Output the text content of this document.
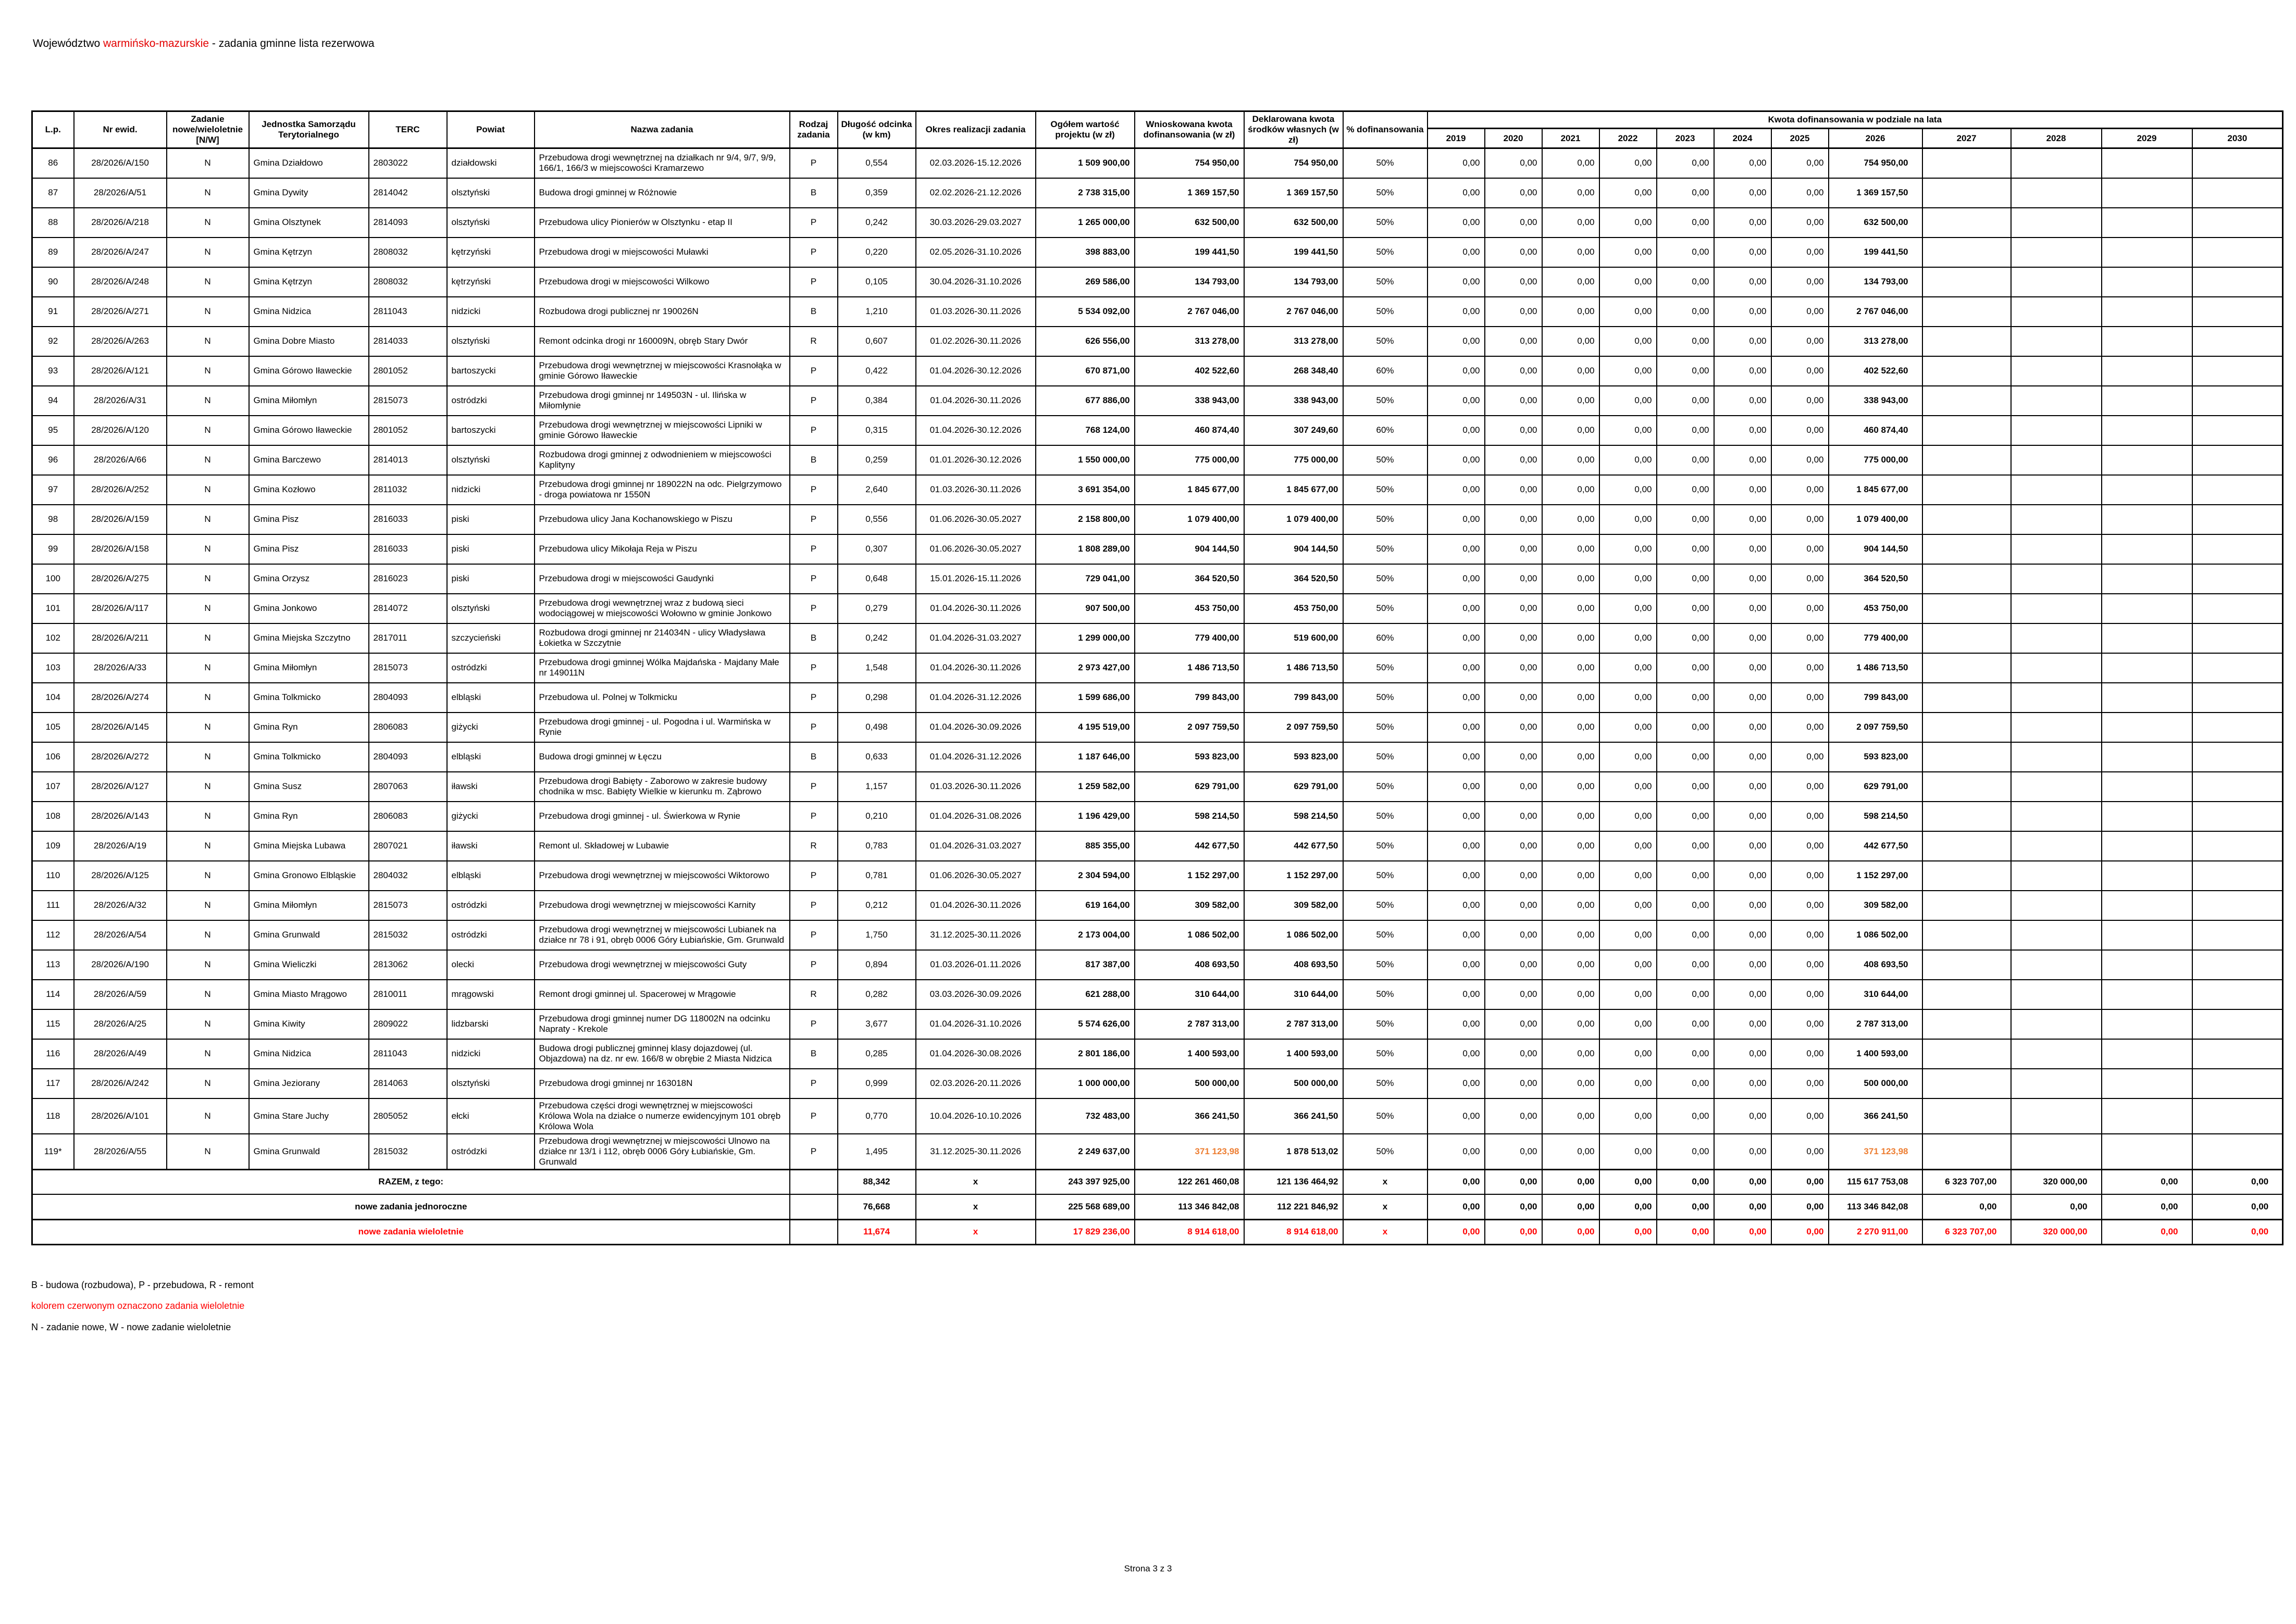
Województwo warmińsko-mazurskie - zadania gminne lista rezerwowa
L.p.	Nr ewid.	Zadanie nowe/wieloletnie [N/W]	Jednostka Samorządu Terytorialnego	TERC	Powiat	Nazwa zadania	Rodzaj zadania	Długość odcinka (w km)	Okres realizacji zadania	Ogółem wartość projektu (w zł)	Wnioskowana kwota dofinansowania (w zł)	Deklarowana kwota środków własnych (w zł)	% dofinansowania	Kwota dofinansowania w podziale na lata											
														2019	2020	2021	2022	2023	2024	2025	2026	2027	2028	2029	2030
86	28/2026/A/150	N	Gmina Działdowo	2803022	działdowski	Przebudowa drogi wewnętrznej na działkach nr 9/4, 9/7, 9/9, 166/1, 166/3 w miejscowości Kramarzewo	P	0,554	02.03.2026-15.12.2026	1 509 900,00	754 950,00	754 950,00	50%	0,00	0,00	0,00	0,00	0,00	0,00	0,00	754 950,00				
87	28/2026/A/51	N	Gmina Dywity	2814042	olsztyński	Budowa drogi gminnej w Różnowie	B	0,359	02.02.2026-21.12.2026	2 738 315,00	1 369 157,50	1 369 157,50	50%	0,00	0,00	0,00	0,00	0,00	0,00	0,00	1 369 157,50				
88	28/2026/A/218	N	Gmina Olsztynek	2814093	olsztyński	Przebudowa ulicy Pionierów w Olsztynku - etap II	P	0,242	30.03.2026-29.03.2027	1 265 000,00	632 500,00	632 500,00	50%	0,00	0,00	0,00	0,00	0,00	0,00	0,00	632 500,00				
89	28/2026/A/247	N	Gmina Kętrzyn	2808032	kętrzyński	Przebudowa drogi w miejscowości Muławki	P	0,220	02.05.2026-31.10.2026	398 883,00	199 441,50	199 441,50	50%	0,00	0,00	0,00	0,00	0,00	0,00	0,00	199 441,50				
90	28/2026/A/248	N	Gmina Kętrzyn	2808032	kętrzyński	Przebudowa drogi w miejscowości Wilkowo	P	0,105	30.04.2026-31.10.2026	269 586,00	134 793,00	134 793,00	50%	0,00	0,00	0,00	0,00	0,00	0,00	0,00	134 793,00				
91	28/2026/A/271	N	Gmina Nidzica	2811043	nidzicki	Rozbudowa drogi publicznej nr 190026N	B	1,210	01.03.2026-30.11.2026	5 534 092,00	2 767 046,00	2 767 046,00	50%	0,00	0,00	0,00	0,00	0,00	0,00	0,00	2 767 046,00				
92	28/2026/A/263	N	Gmina Dobre Miasto	2814033	olsztyński	Remont odcinka drogi nr 160009N, obręb Stary Dwór	R	0,607	01.02.2026-30.11.2026	626 556,00	313 278,00	313 278,00	50%	0,00	0,00	0,00	0,00	0,00	0,00	0,00	313 278,00				
93	28/2026/A/121	N	Gmina Górowo Iławeckie	2801052	bartoszycki	Przebudowa drogi wewnętrznej w miejscowości Krasnołąka w gminie Górowo Iławeckie	P	0,422	01.04.2026-30.12.2026	670 871,00	402 522,60	268 348,40	60%	0,00	0,00	0,00	0,00	0,00	0,00	0,00	402 522,60				
94	28/2026/A/31	N	Gmina Miłomłyn	2815073	ostródzki	Przebudowa drogi gminnej nr 149503N - ul. Ilińska w Miłomłynie	P	0,384	01.04.2026-30.11.2026	677 886,00	338 943,00	338 943,00	50%	0,00	0,00	0,00	0,00	0,00	0,00	0,00	338 943,00				
95	28/2026/A/120	N	Gmina Górowo Iławeckie	2801052	bartoszycki	Przebudowa drogi wewnętrznej w miejscowości Lipniki w gminie Górowo Iławeckie	P	0,315	01.04.2026-30.12.2026	768 124,00	460 874,40	307 249,60	60%	0,00	0,00	0,00	0,00	0,00	0,00	0,00	460 874,40				
96	28/2026/A/66	N	Gmina Barczewo	2814013	olsztyński	Rozbudowa drogi gminnej z odwodnieniem w miejscowości Kaplityny	B	0,259	01.01.2026-30.12.2026	1 550 000,00	775 000,00	775 000,00	50%	0,00	0,00	0,00	0,00	0,00	0,00	0,00	775 000,00				
97	28/2026/A/252	N	Gmina Kozłowo	2811032	nidzicki	Przebudowa drogi gminnej nr 189022N na odc. Pielgrzymowo - droga powiatowa nr 1550N	P	2,640	01.03.2026-30.11.2026	3 691 354,00	1 845 677,00	1 845 677,00	50%	0,00	0,00	0,00	0,00	0,00	0,00	0,00	1 845 677,00				
98	28/2026/A/159	N	Gmina Pisz	2816033	piski	Przebudowa ulicy Jana Kochanowskiego w Piszu	P	0,556	01.06.2026-30.05.2027	2 158 800,00	1 079 400,00	1 079 400,00	50%	0,00	0,00	0,00	0,00	0,00	0,00	0,00	1 079 400,00				
99	28/2026/A/158	N	Gmina Pisz	2816033	piski	Przebudowa ulicy Mikołaja Reja w Piszu	P	0,307	01.06.2026-30.05.2027	1 808 289,00	904 144,50	904 144,50	50%	0,00	0,00	0,00	0,00	0,00	0,00	0,00	904 144,50				
100	28/2026/A/275	N	Gmina Orzysz	2816023	piski	Przebudowa drogi w miejscowości Gaudynki	P	0,648	15.01.2026-15.11.2026	729 041,00	364 520,50	364 520,50	50%	0,00	0,00	0,00	0,00	0,00	0,00	0,00	364 520,50				
101	28/2026/A/117	N	Gmina Jonkowo	2814072	olsztyński	Przebudowa drogi wewnętrznej wraz z budową sieci wodociągowej w miejscowości Wołowno w gminie Jonkowo	P	0,279	01.04.2026-30.11.2026	907 500,00	453 750,00	453 750,00	50%	0,00	0,00	0,00	0,00	0,00	0,00	0,00	453 750,00				
102	28/2026/A/211	N	Gmina Miejska Szczytno	2817011	szczycieński	Rozbudowa drogi gminnej nr 214034N - ulicy Władysława Łokietka w Szczytnie	B	0,242	01.04.2026-31.03.2027	1 299 000,00	779 400,00	519 600,00	60%	0,00	0,00	0,00	0,00	0,00	0,00	0,00	779 400,00				
103	28/2026/A/33	N	Gmina Miłomłyn	2815073	ostródzki	Przebudowa drogi gminnej Wólka Majdańska - Majdany Małe nr 149011N	P	1,548	01.04.2026-30.11.2026	2 973 427,00	1 486 713,50	1 486 713,50	50%	0,00	0,00	0,00	0,00	0,00	0,00	0,00	1 486 713,50				
104	28/2026/A/274	N	Gmina Tolkmicko	2804093	elbląski	Przebudowa ul. Polnej w Tolkmicku	P	0,298	01.04.2026-31.12.2026	1 599 686,00	799 843,00	799 843,00	50%	0,00	0,00	0,00	0,00	0,00	0,00	0,00	799 843,00				
105	28/2026/A/145	N	Gmina Ryn	2806083	giżycki	Przebudowa drogi gminnej - ul. Pogodna i ul. Warmińska w Rynie	P	0,498	01.04.2026-30.09.2026	4 195 519,00	2 097 759,50	2 097 759,50	50%	0,00	0,00	0,00	0,00	0,00	0,00	0,00	2 097 759,50				
106	28/2026/A/272	N	Gmina Tolkmicko	2804093	elbląski	Budowa drogi gminnej w Łęczu	B	0,633	01.04.2026-31.12.2026	1 187 646,00	593 823,00	593 823,00	50%	0,00	0,00	0,00	0,00	0,00	0,00	0,00	593 823,00				
107	28/2026/A/127	N	Gmina Susz	2807063	iławski	Przebudowa drogi Babięty - Zaborowo w zakresie budowy chodnika w msc. Babięty Wielkie w kierunku m. Ząbrowo	P	1,157	01.03.2026-30.11.2026	1 259 582,00	629 791,00	629 791,00	50%	0,00	0,00	0,00	0,00	0,00	0,00	0,00	629 791,00				
108	28/2026/A/143	N	Gmina Ryn	2806083	giżycki	Przebudowa drogi gminnej - ul. Świerkowa w Rynie	P	0,210	01.04.2026-31.08.2026	1 196 429,00	598 214,50	598 214,50	50%	0,00	0,00	0,00	0,00	0,00	0,00	0,00	598 214,50				
109	28/2026/A/19	N	Gmina Miejska Lubawa	2807021	iławski	Remont ul. Składowej w Lubawie	R	0,783	01.04.2026-31.03.2027	885 355,00	442 677,50	442 677,50	50%	0,00	0,00	0,00	0,00	0,00	0,00	0,00	442 677,50				
110	28/2026/A/125	N	Gmina Gronowo Elbląskie	2804032	elbląski	Przebudowa drogi wewnętrznej w miejscowości Wiktorowo	P	0,781	01.06.2026-30.05.2027	2 304 594,00	1 152 297,00	1 152 297,00	50%	0,00	0,00	0,00	0,00	0,00	0,00	0,00	1 152 297,00				
111	28/2026/A/32	N	Gmina Miłomłyn	2815073	ostródzki	Przebudowa drogi wewnętrznej w miejscowości Karnity	P	0,212	01.04.2026-30.11.2026	619 164,00	309 582,00	309 582,00	50%	0,00	0,00	0,00	0,00	0,00	0,00	0,00	309 582,00				
112	28/2026/A/54	N	Gmina Grunwald	2815032	ostródzki	Przebudowa drogi wewnętrznej w miejscowości Lubianek na działce nr 78 i 91, obręb 0006 Góry Łubiańskie, Gm. Grunwald	P	1,750	31.12.2025-30.11.2026	2 173 004,00	1 086 502,00	1 086 502,00	50%	0,00	0,00	0,00	0,00	0,00	0,00	0,00	1 086 502,00				
113	28/2026/A/190	N	Gmina Wieliczki	2813062	olecki	Przebudowa drogi wewnętrznej w miejscowości Guty	P	0,894	01.03.2026-01.11.2026	817 387,00	408 693,50	408 693,50	50%	0,00	0,00	0,00	0,00	0,00	0,00	0,00	408 693,50				
114	28/2026/A/59	N	Gmina Miasto Mrągowo	2810011	mrągowski	Remont drogi gminnej ul. Spacerowej w Mrągowie	R	0,282	03.03.2026-30.09.2026	621 288,00	310 644,00	310 644,00	50%	0,00	0,00	0,00	0,00	0,00	0,00	0,00	310 644,00				
115	28/2026/A/25	N	Gmina Kiwity	2809022	lidzbarski	Przebudowa drogi gminnej numer DG 118002N na odcinku Napraty - Krekole	P	3,677	01.04.2026-31.10.2026	5 574 626,00	2 787 313,00	2 787 313,00	50%	0,00	0,00	0,00	0,00	0,00	0,00	0,00	2 787 313,00				
116	28/2026/A/49	N	Gmina Nidzica	2811043	nidzicki	Budowa drogi publicznej gminnej klasy dojazdowej (ul. Objazdowa) na dz. nr ew. 166/8 w obrębie 2 Miasta Nidzica	B	0,285	01.04.2026-30.08.2026	2 801 186,00	1 400 593,00	1 400 593,00	50%	0,00	0,00	0,00	0,00	0,00	0,00	0,00	1 400 593,00				
117	28/2026/A/242	N	Gmina Jeziorany	2814063	olsztyński	Przebudowa drogi gminnej nr 163018N	P	0,999	02.03.2026-20.11.2026	1 000 000,00	500 000,00	500 000,00	50%	0,00	0,00	0,00	0,00	0,00	0,00	0,00	500 000,00				
118	28/2026/A/101	N	Gmina Stare Juchy	2805052	ełcki	Przebudowa części drogi wewnętrznej w miejscowości Królowa Wola na działce o numerze ewidencyjnym 101 obręb Królowa Wola	P	0,770	10.04.2026-10.10.2026	732 483,00	366 241,50	366 241,50	50%	0,00	0,00	0,00	0,00	0,00	0,00	0,00	366 241,50				
119*	28/2026/A/55	N	Gmina Grunwald	2815032	ostródzki	Przebudowa drogi wewnętrznej w miejscowości Ulnowo na działce nr 13/1 i 112, obręb 0006 Góry Łubiańskie, Gm. Grunwald	P	1,495	31.12.2025-30.11.2026	2 249 637,00	371 123,98	1 878 513,02	50%	0,00	0,00	0,00	0,00	0,00	0,00	0,00	371 123,98				
RAZEM, z tego:								88,342	x	243 397 925,00	122 261 460,08	121 136 464,92	x	0,00	0,00	0,00	0,00	0,00	0,00	0,00	115 617 753,08	6 323 707,00	320 000,00	0,00	0,00
nowe zadania jednoroczne								76,668	x	225 568 689,00	113 346 842,08	112 221 846,92	x	0,00	0,00	0,00	0,00	0,00	0,00	0,00	113 346 842,08	0,00	0,00	0,00	0,00
nowe zadania wieloletnie								11,674	x	17 829 236,00	8 914 618,00	8 914 618,00	x	0,00	0,00	0,00	0,00	0,00	0,00	0,00	2 270 911,00	6 323 707,00	320 000,00	0,00	0,00
B - budowa (rozbudowa), P - przebudowa, R - remont
kolorem czerwonym oznaczono zadania wieloletnie
N - zadanie nowe, W - nowe zadanie wieloletnie
Strona 3 z 3
